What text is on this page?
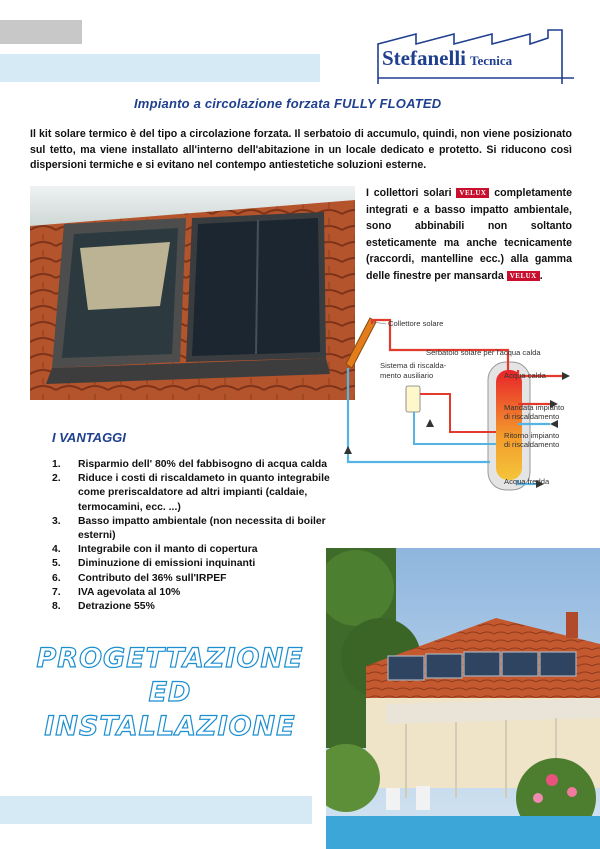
Stefanelli Tecnica
Impianto a circolazione forzata FULLY FLOATED
Il kit solare termico è del tipo a circolazione forzata. Il serbatoio di accumulo, quindi, non viene posizionato sul tetto, ma viene installato all'interno dell'abitazione in un locale dedicato e protetto. Si riducono così dispersioni termiche e si evitano nel contempo antiestetiche soluzioni esterne.
I collettori solari VELUX completamente integrati e a basso impatto ambientale, sono abbinabili non soltanto esteticamente ma anche tecnicamente (raccordi, mantelline ecc.) alla gamma delle finestre per mansarda VELUX .
Collettore solare
Serbatoio solare per l'acqua calda
Sistema di riscalda-
mento ausiliario	Acqua calda
Mandata impianto
di riscaldamento
Ritorno impianto
di riscaldamento
Acqua fredda
I VANTAGGI
1. Risparmio dell' 80% del fabbisogno di acqua calda
2. Riduce i costi di riscaldameto in quanto integrabile come preriscaldatore ad altri impianti (caldaie, termocamini, ecc. ...)
3. Basso impatto ambientale (non necessita di boiler esterni)
4. Integrabile con il manto di copertura
5. Diminuzione di emissioni inquinanti
6. Contributo del 36% sull'IRPEF
7. IVA agevolata al 10%
8. Detrazione 55%
PROGETTAZIONE
ED
INSTALLAZIONE
